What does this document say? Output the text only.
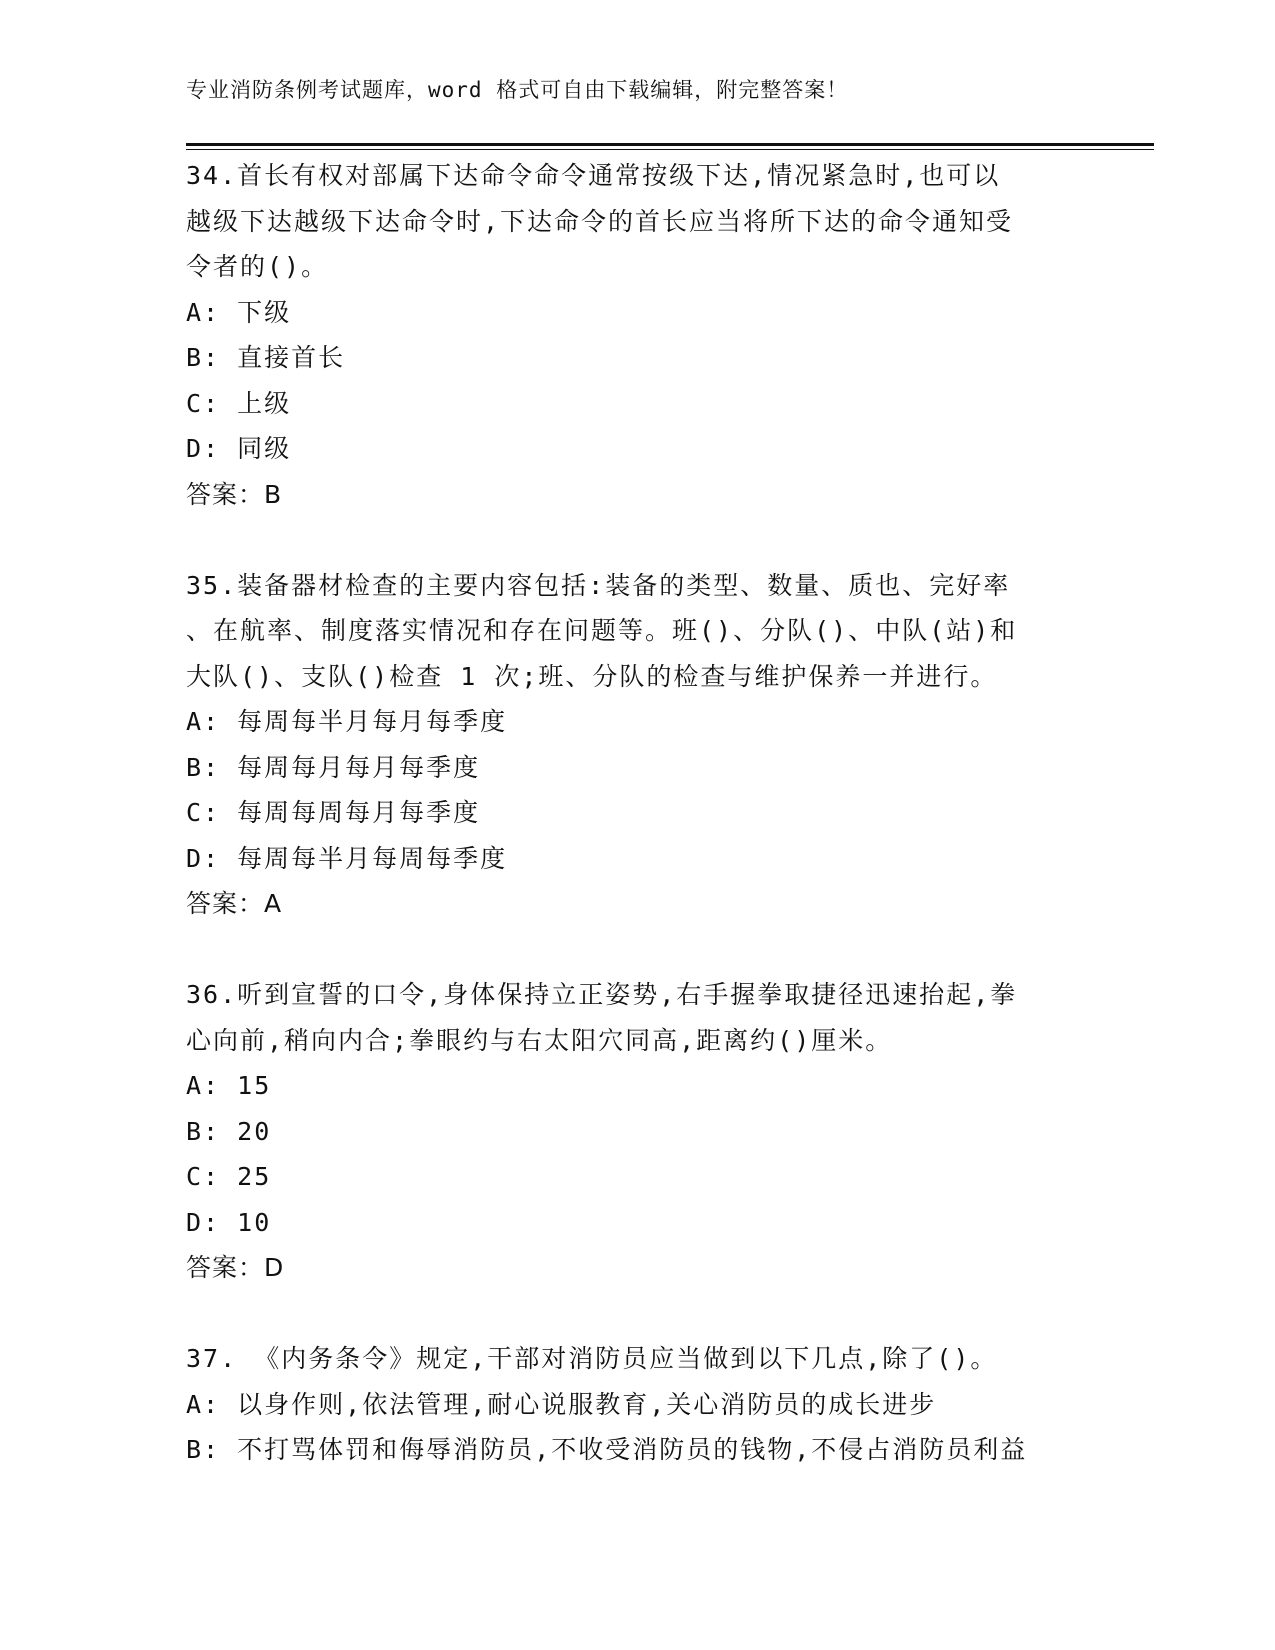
专业消防条例考试题库，word 格式可自由下载编辑，附完整答案！
34.首长有权对部属下达命令命令通常按级下达,情况紧急时,也可以
越级下达越级下达命令时,下达命令的首长应当将所下达的命令通知受
令者的()。
A: 下级
B: 直接首长
C: 上级
D: 同级
答案：B
35.装备器材检查的主要内容包括:装备的类型、数量、质也、完好率
、在航率、制度落实情况和存在问题等。班()、分队()、中队(站)和
大队()、支队()检查 1 次;班、分队的检查与维护保养一并进行。
A: 每周每半月每月每季度
B: 每周每月每月每季度
C: 每周每周每月每季度
D: 每周每半月每周每季度
答案：A
36.听到宣誓的口令,身体保持立正姿势,右手握拳取捷径迅速抬起,拳
心向前,稍向内合;拳眼约与右太阳穴同高,距离约()厘米。
A: 15
B: 20
C: 25
D: 10
答案：D
37. 《内务条令》规定,干部对消防员应当做到以下几点,除了()。
A: 以身作则,依法管理,耐心说服教育,关心消防员的成长进步
B: 不打骂体罚和侮辱消防员,不收受消防员的钱物,不侵占消防员利益
